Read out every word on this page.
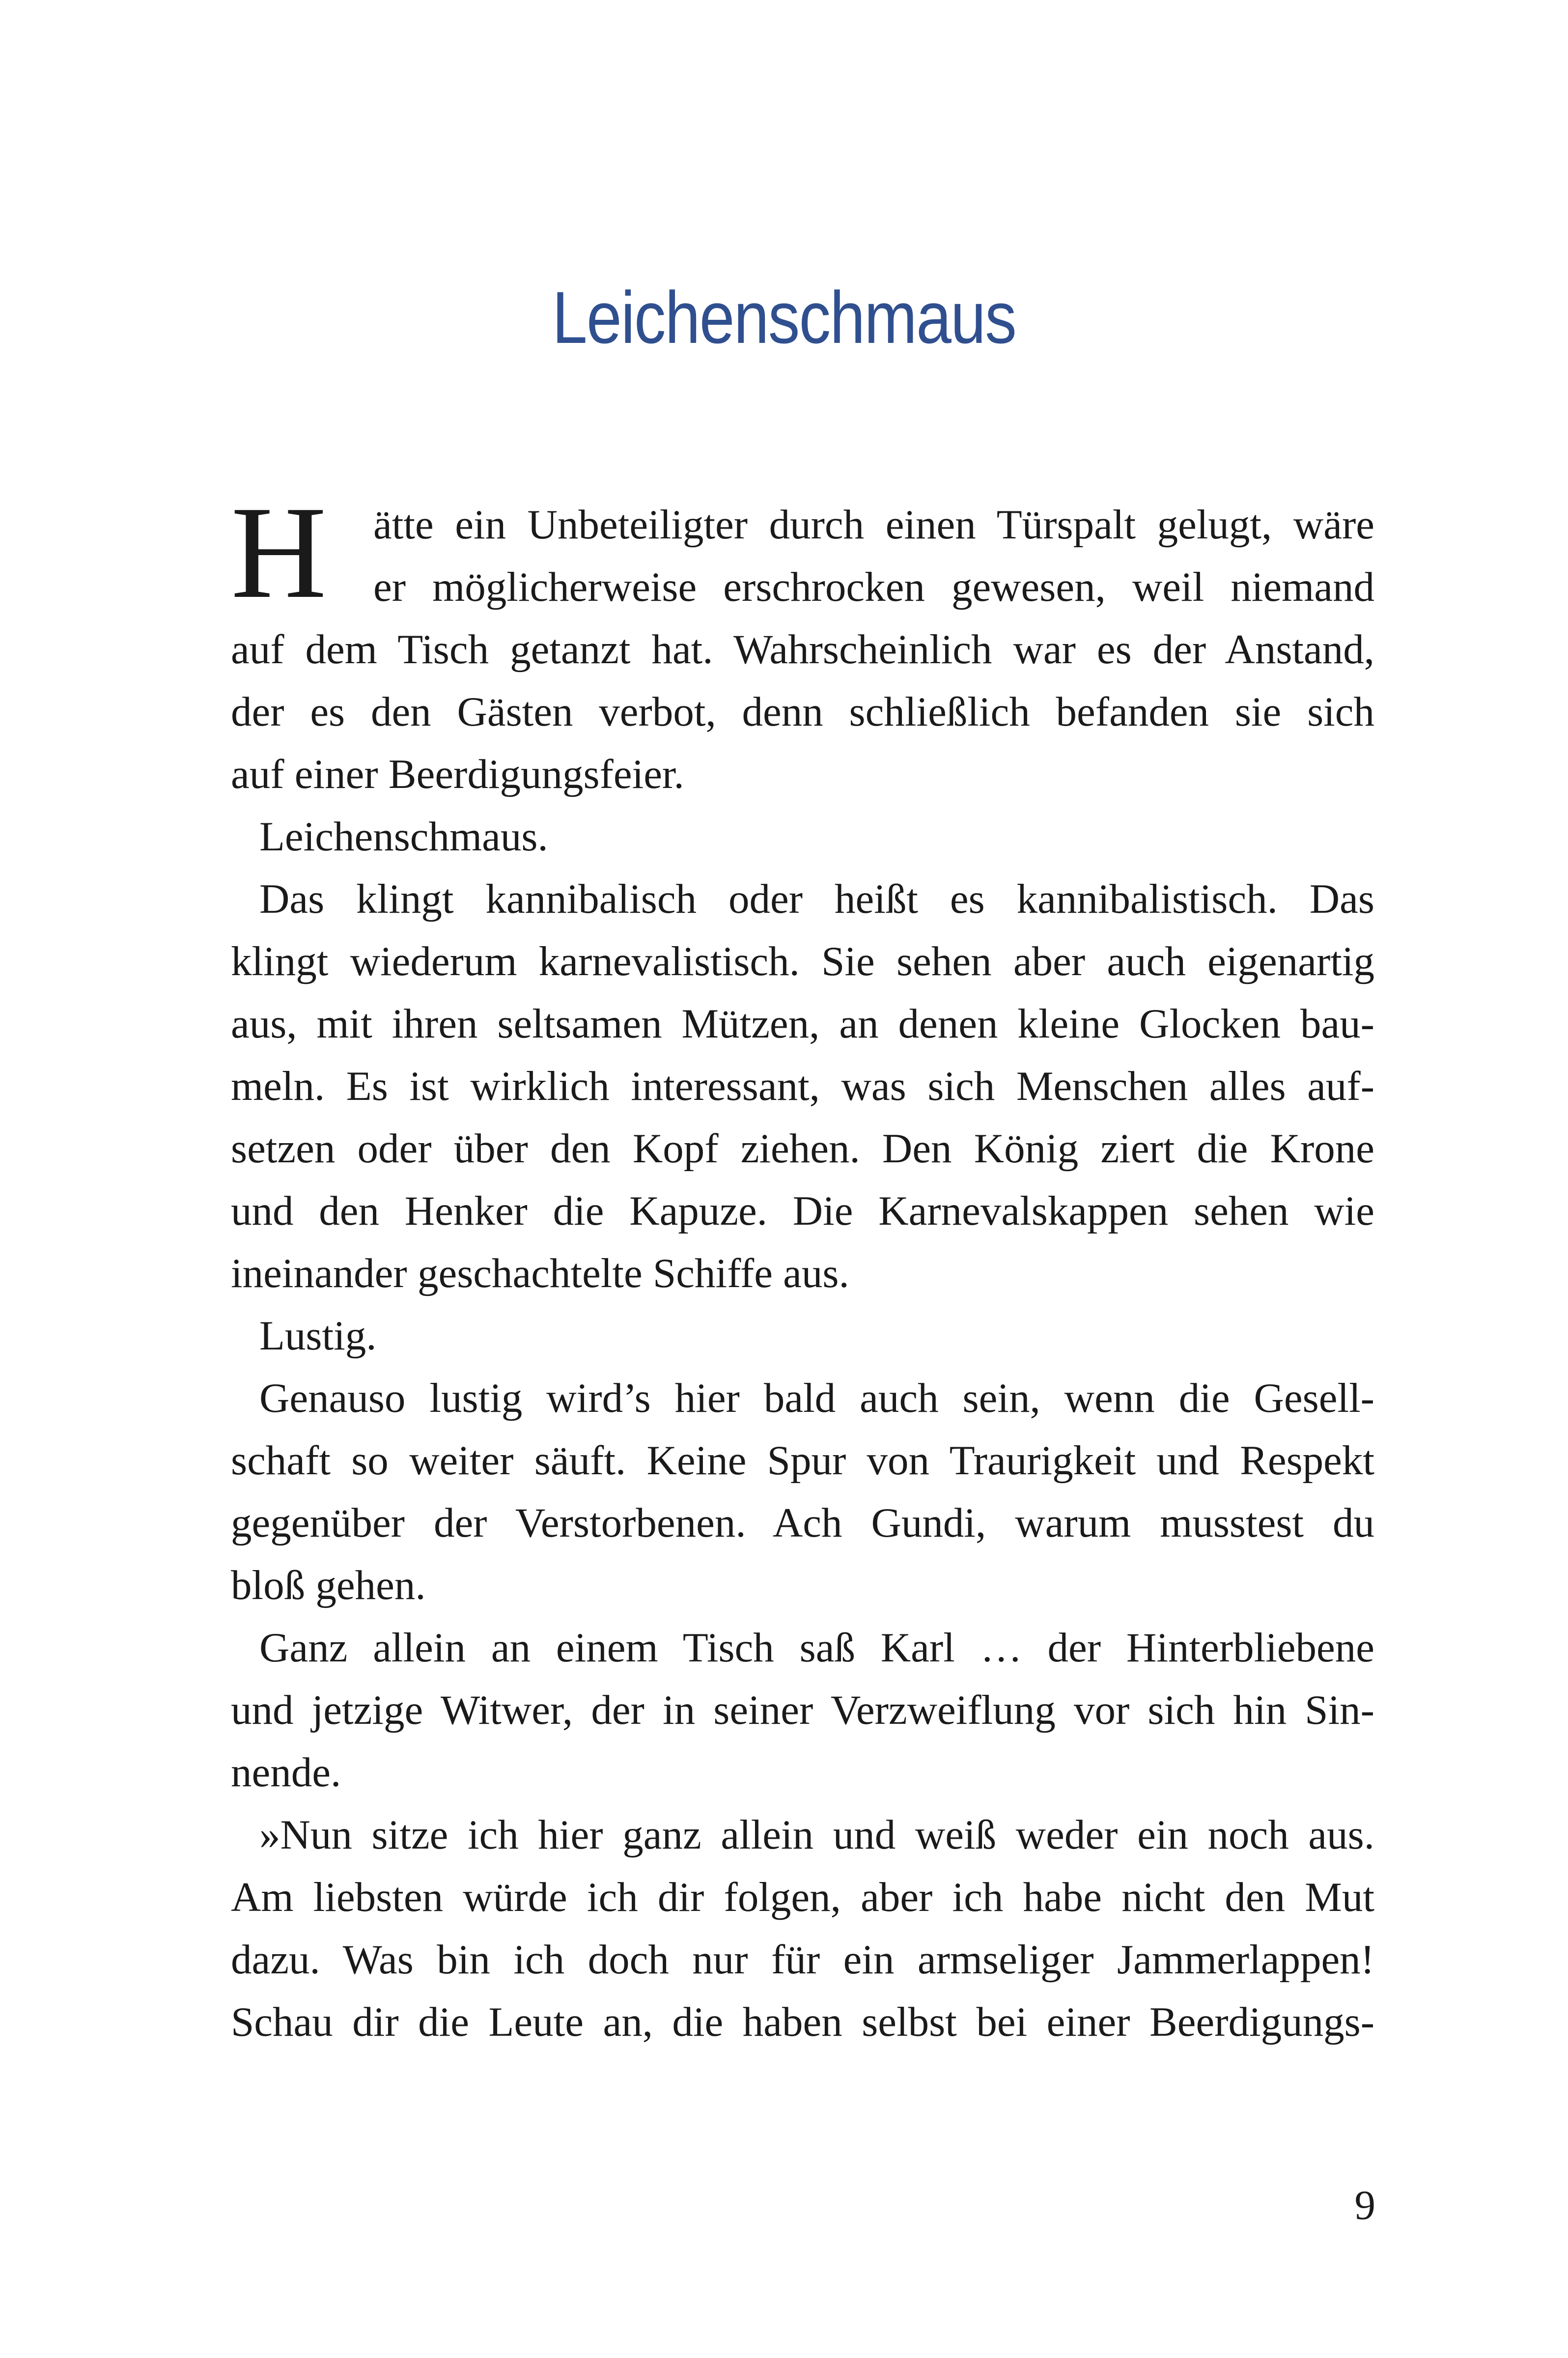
Leichenschmaus
H ätte ein Unbeteiligter durch einen Türspalt gelugt, wäre
er möglicherweise erschrocken gewesen, weil niemand
auf dem Tisch getanzt hat. Wahrscheinlich war es der Anstand,
der es den Gästen verbot, denn schließlich befanden sie sich
auf einer Beerdigungsfeier.
Leichenschmaus.
Das klingt kannibalisch oder heißt es kannibalistisch. Das
klingt wiederum karnevalistisch. Sie sehen aber auch eigenartig
aus, mit ihren seltsamen Mützen, an denen kleine Glocken bau-
meln. Es ist wirklich interessant, was sich Menschen alles auf-
setzen oder über den Kopf ziehen. Den König ziert die Krone
und den Henker die Kapuze. Die Karnevalskappen sehen wie
ineinander geschachtelte Schiffe aus.
Lustig.
Genauso lustig wird’s hier bald auch sein, wenn die Gesell-
schaft so weiter säuft. Keine Spur von Traurigkeit und Respekt
gegenüber der Verstorbenen. Ach Gundi, warum musstest du
bloß gehen.
Ganz allein an einem Tisch saß Karl … der Hinterbliebene
und jetzige Witwer, der in seiner Verzweiflung vor sich hin Sin-
nende.
»Nun sitze ich hier ganz allein und weiß weder ein noch aus.
Am liebsten würde ich dir folgen, aber ich habe nicht den Mut
dazu. Was bin ich doch nur für ein armseliger Jammerlappen!
Schau dir die Leute an, die haben selbst bei einer Beerdigungs-
9
